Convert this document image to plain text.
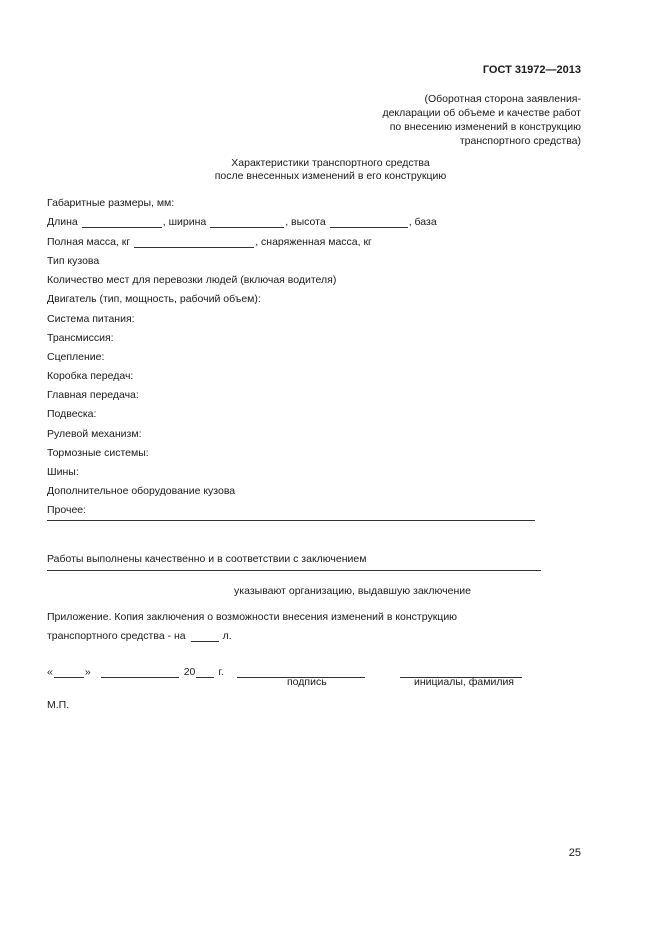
ГОСТ 31972—2013
(Оборотная сторона заявления-
декларации об объеме и качестве работ
по внесению изменений в конструкцию
транспортного средства)
Характеристики транспортного средства
после внесенных изменений в его конструкцию
Габаритные размеры, мм:
Длина	, ширина	, высота	, база
Полная масса, кг	, снаряженная масса, кг
Тип кузова
Количество мест для перевозки людей (включая водителя)
Двигатель (тип, мощность, рабочий объем):
Система питания:
Трансмиссия:
Сцепление:
Коробка передач:
Главная передача:
Подвеска:
Рулевой механизм:
Тормозные системы:
Шины:
Дополнительное оборудование кузова
Прочее:
Работы выполнены качественно и в соответствии с заключением
указывают организацию, выдавшую заключение
Приложение. Копия заключения о возможности внесения изменений в конструкцию
транспортного средства - на	л.
«	»	20 г.
подпись	инициалы, фамилия
М.П.
25
